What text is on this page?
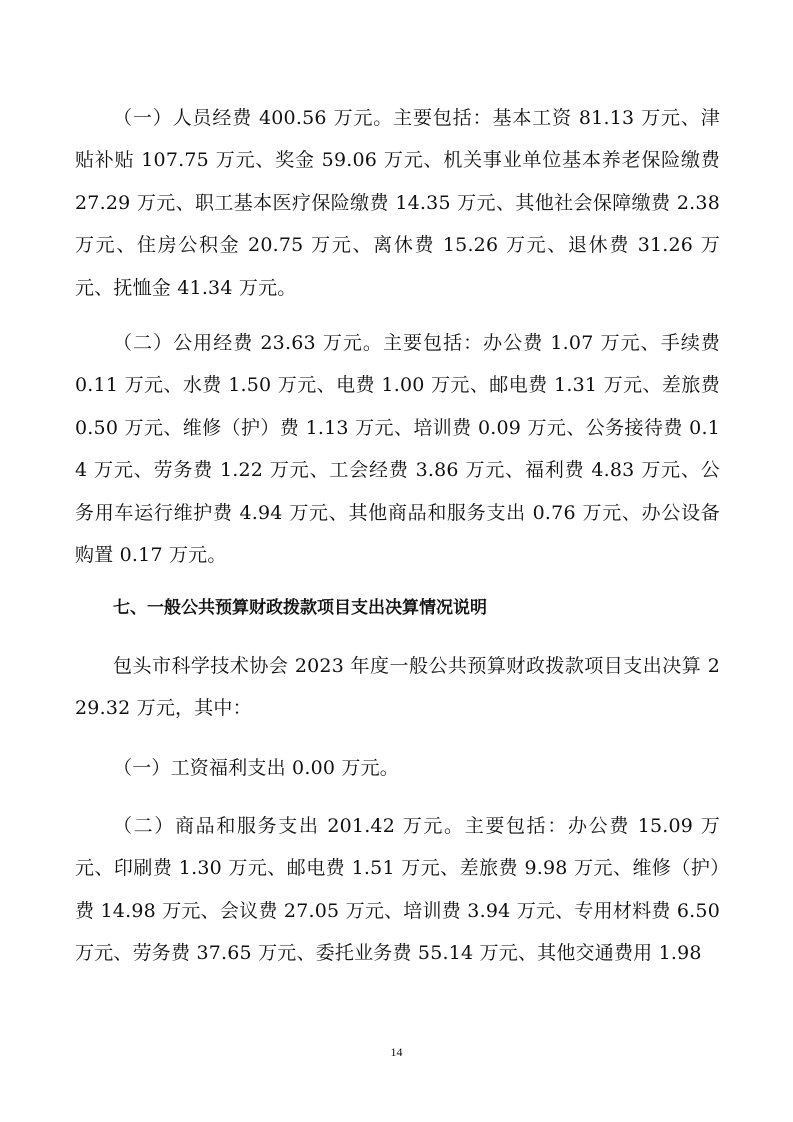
（一）人员经费 400.56 万元。主要包括：基本工资 81.13 万元、津贴补贴 107.75 万元、奖金 59.06 万元、机关事业单位基本养老保险缴费 27.29 万元、职工基本医疗保险缴费 14.35 万元、其他社会保障缴费 2.38 万元、住房公积金 20.75 万元、离休费 15.26 万元、退休费 31.26 万元、抚恤金 41.34 万元。

（二）公用经费 23.63 万元。主要包括：办公费 1.07 万元、手续费 0.11 万元、水费 1.50 万元、电费 1.00 万元、邮电费 1.31 万元、差旅费 0.50 万元、维修（护）费 1.13 万元、培训费 0.09 万元、公务接待费 0.14 万元、劳务费 1.22 万元、工会经费 3.86 万元、福利费 4.83 万元、公务用车运行维护费 4.94 万元、其他商品和服务支出 0.76 万元、办公设备购置 0.17 万元。

七、一般公共预算财政拨款项目支出决算情况说明

包头市科学技术协会 2023 年度一般公共预算财政拨款项目支出决算 229.32 万元，其中：

（一）工资福利支出 0.00 万元。

（二）商品和服务支出 201.42 万元。主要包括：办公费 15.09 万元、印刷费 1.30 万元、邮电费 1.51 万元、差旅费 9.98 万元、维修（护）费 14.98 万元、会议费 27.05 万元、培训费 3.94 万元、专用材料费 6.50 万元、劳务费 37.65 万元、委托业务费 55.14 万元、其他交通费用 1.98

14
